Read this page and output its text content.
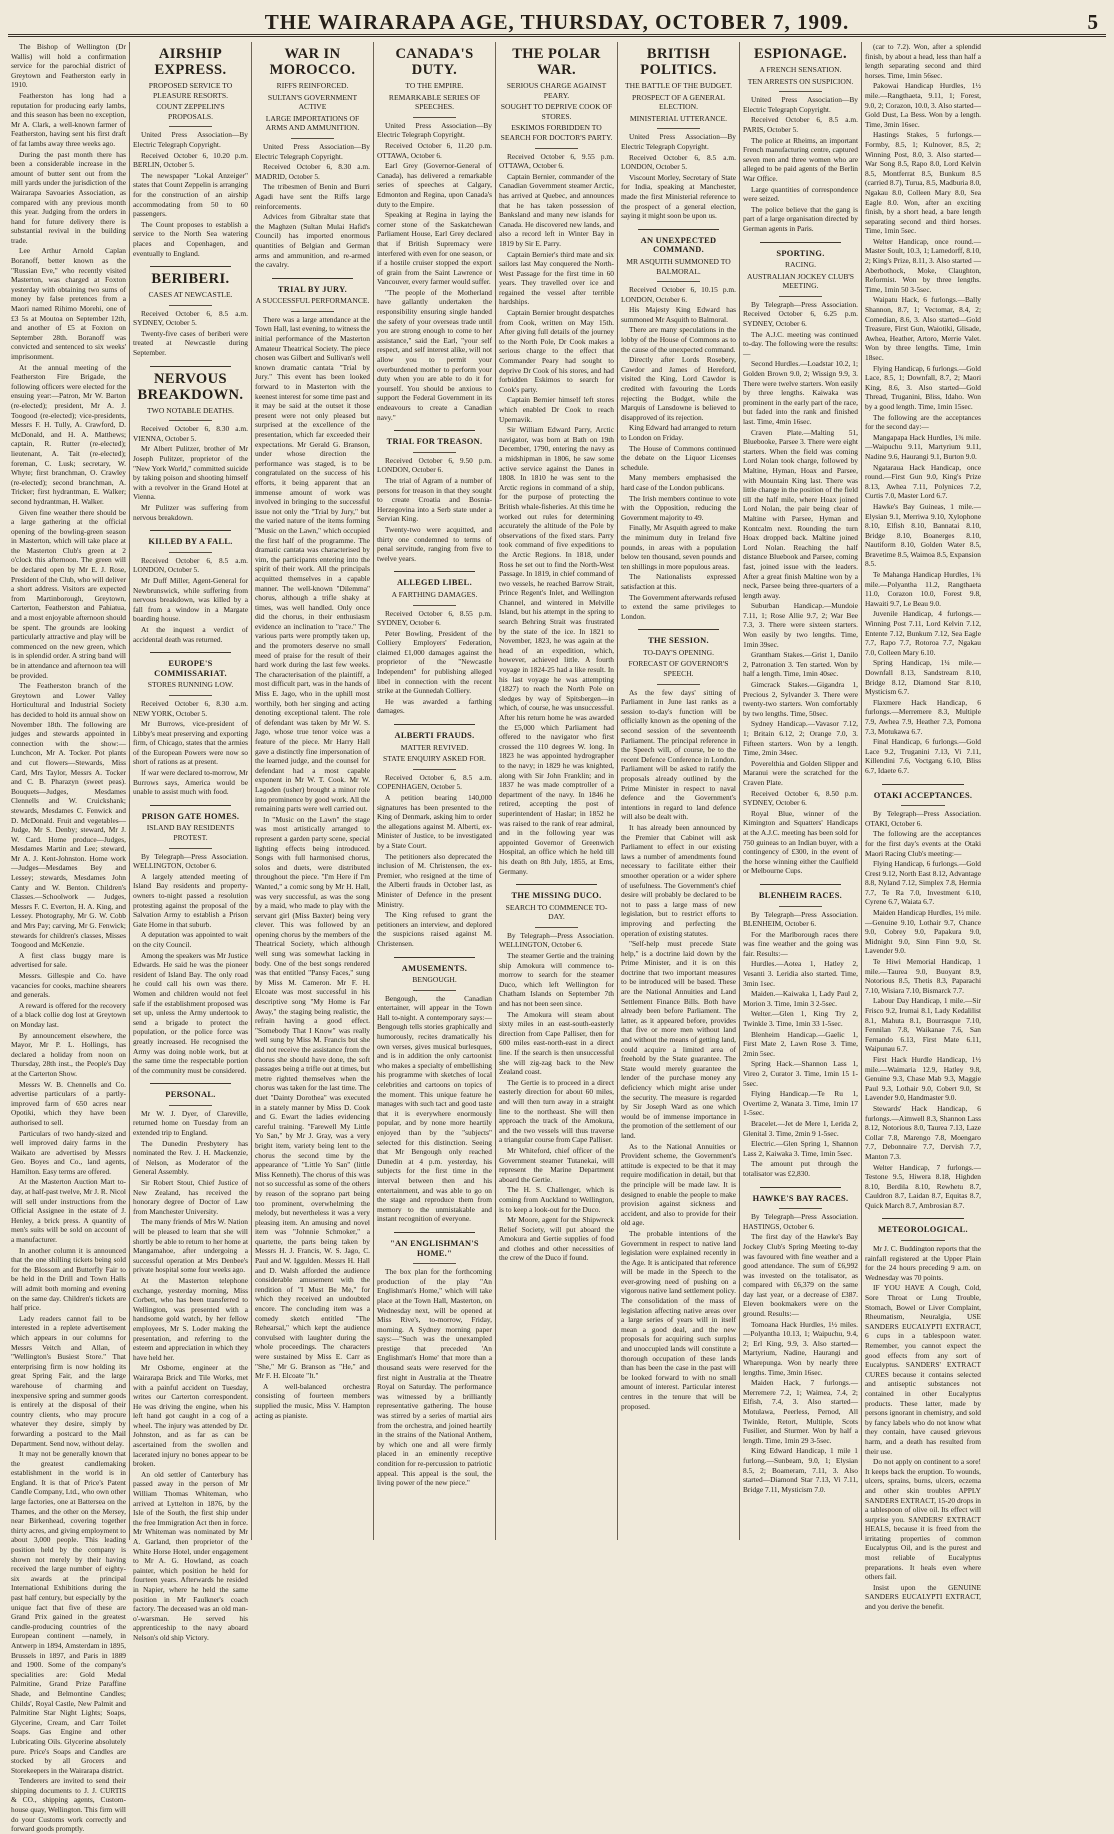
THE WAIRARAPA AGE, THURSDAY, OCTOBER 7, 1909.	5

The Bishop of Wellington (Dr Wallis) will hold a confirmation service for the parochial district of Greytown and Featherston early in 1910.

Featherston has long had a reputation for producing early lambs, and this season has been no exception, Mr A. Clark, a well-known farmer of Featherston, having sent his first draft of fat lambs away three weeks ago.

During the past month there has been a considerable increase in the amount of butter sent out from the mill yards under the jurisdiction of the Wairarapa Savoaries Association, as compared with any previous month this year. Judging from the orders in hand for future delivery there is substantial revival in the building trade.

Lee Arthur Arnold Caplan Boranoff, better known as the "Russian Eve," who recently visited Masterton, was charged at Foxton yesterday with obtaining two sums of money by false pretences from a Maori named Rihimo Morehi, one of £3 5s at Moutoa on September 12th, and another of £5 at Foxton on September 28th. Boranoff was convicted and sentenced to six weeks' imprisonment.

At the annual meeting of the Featherston Fire Brigade, the following officers were elected for the ensuing year:—Patron, Mr W. Barton (re-elected); president, Mr A. J. Toogood (re-elected); vice-presidents, Messrs F. H. Tully, A. Crawford, D. McDonald, and H. A. Matthews; captain, R. Rutter (re-elected); lieutenant, A. Tait (re-elected); foreman, C. Lusk; secretary, W. Whyte; first branchman, O. Crawley (re-elected); second branchman, A. Tricker; first hydrantman, E. Walker; second hydrantman, H. Walker.

Given fine weather there should be a large gathering at the official opening of the bowling-green season in Masterton, which will take place at the Masterton Club's green at 2 o'clock this afternoon. The green will be declared open by Mr E. J. Rose, President of the Club, who will deliver a short address. Visitors are expected from Martinborough, Greytown, Carterton, Featherston and Pahiatua, and a most enjoyable afternoon should be spent. The grounds are looking particularly attractive and play will be commenced on the new green, which is in splendid order. A string band will be in attendance and afternoon tea will be provided.

The Featherston branch of the Greytown and Lower Valley Horticultural and Industrial Society has decided to hold its annual show on November 18th. The following are judges and stewards appointed in connection with the show:—Lunchcon, Mr A. Tocker. Pot plants and cut flowers—Stewards, Miss Card, Mrs Taylor, Messrs A. Tocker and C. B. Pharazyn (sweet peas). Bouquets—Judges, Mesdames Clennells and W. Cruickshank; stewards, Mesdames C. Fenwick and D. McDonald. Fruit and vegetables—Judge, Mr S. Denby; steward, Mr J. W. Card. Home produce—Judges, Mesdames Martin and Lee; steward, Mr A. J. Kent-Johnston. Home work—Judges—Mesdames Bey and Lessey; stewards, Mesdames John Canty and W. Benton. Children's Classes.—Schoolwork — Judges, Messrs F. C. Everton, H. A. King, and Lessey. Photography, Mr G. W. Cobb and Mrs Pay; carving, Mr G. Fenwick; stewards for children's classes, Misses Toogood and McKenzie.

A first class buggy mare is advertised for sale.

Messrs. Gillespie and Co. have vacancies for cooks, machine shearers and generals.

A reward is offered for the recovery of a black collie dog lost at Greytown on Monday last.

By announcement elsewhere, the Mayor, Mr P. L. Hollings, has declared a holiday from noon on Thursday, 28th inst., the People's Day at the Carterton Show.

Messrs W. B. Chennells and Co. advertise particulars of a partly-improved farm of 650 acres near Opotiki, which they have been authorised to sell.

Particulars of two handy-sized and well improved dairy farms in the Waikato are advertised by Messrs Geo. Boyes and Co., land agents, Hamilton. Easy terms are offered.

At the Masterton Auction Mart to-day, at half-past twelve, Mr J. R. Nicol will sell under instructions from the Official Assignee in the estate of J. Henley, a brick press. A quantity of men's suits will be sold on account of a manufacturer.

In another column it is announced that the one shilling tickets being sold for the Blossom and Butterfly Fair to be held in the Drill and Town Halls will admit both morning and evening on the same day. Children's tickets are half price.

Lady readers cannot fail to be interested in a replete advertisement which appears in our columns for Messrs Veitch and Allan, of "Wellington's Busiest Store." That enterprising firm is now holding its great Spring Fair, and the large warehouse of charming and inexpensive spring and summer goods is entirely at the disposal of their country clients, who may procure whatever they desire, simply by forwarding a postcard to the Mail Department. Send now, without delay.

It may not be generally known that the greatest candlemaking establishment in the world is in England. It is that of Price's Patent Candle Company, Ltd., who own other large factories, one at Battersea on the Thames, and the other on the Mersey, near Birkenhead, covering together thirty acres, and giving employment to about 3,000 people. This leading position held by the company is shown not merely by their having received the large number of eighty-six awards at the principal International Exhibitions during the past half century, but especially by the unique fact that five of these are Grand Prix gained in the greatest candle-producing countries of the European continent —namely, in Antwerp in 1894, Amsterdam in 1895, Brussels in 1897, and Paris in 1889 and 1900. Some of the company's specialities are: Gold Medal Palmitine, Grand Prize Paraffine Shade, and Belmontine Candles; Childs', Royal Castle, New Palmit and Palmitine Star Night Lights; Soaps, Glycerine, Cream, and Carr Toilet Soaps. Gas Engine and other Lubricating Oils. Glycerine absolutely pure. Price's Soaps and Candles are stocked by all Grocers and Storekeepers in the Wairarapa district.

Tenderers are invited to send their shipping documents to J. J. CURTIS & CO., shipping agents, Custom-house quay, Wellington. This firm will do your Customs work correctly and forward goods promptly.

AIRSHIP EXPRESS.
PROPOSED SERVICE TO PLEASURE RESORTS.
COUNT ZEPPELIN'S PROPOSALS.

United Press Association—By Electric Telegraph Copyright.

Received October 6, 10.20 p.m. BERLIN, October 5.

The newspaper "Lokal Anzeiger" states that Count Zeppelin is arranging for the construction of an airship accommodating from 50 to 60 passengers.

The Count proposes to establish a service to the North Sea watering places and Copenhagen, and eventually to England.

BERIBERI.
CASES AT NEWCASTLE.

Received October 6, 8.5 a.m. SYDNEY, October 5.

Twenty-five cases of beriberi were treated at Newcastle during September.

NERVOUS BREAKDOWN.
TWO NOTABLE DEATHS.

Received October 6, 8.30 a.m. VIENNA, October 5.

Mr Albert Pulitzer, brother of Mr Joseph Pulitzer, proprietor of the "New York World," committed suicide by taking poison and shooting himself with a revolver in the Grand Hotel at Vienna.

Mr Pulitzer was suffering from nervous breakdown.

KILLED BY A FALL.

Received October 6, 8.5 a.m. LONDON, October 5.

Mr Duff Miller, Agent-General for Newbrunswick, while suffering from nervous breakdown, was killed by a fall from a window in a Margate boarding house.

At the inquest a verdict of accidental death was returned.

EUROPE'S COMMISSARIAT.
STORES RUNNING LOW.

Received October 6, 8.30 a.m. NEW YORK, October 5.

Mr Burrows, vice-president of Libby's meat preserving and exporting firm, of Chicago, states that the armies of the European Powers were now so short of rations as at present.

If war were declared to-morrow, Mr Burrows says, America would be unable to assist much with food.

PRISON GATE HOMES.
ISLAND BAY RESIDENTS PROTEST.

By Telegraph—Press Association. WELLINGTON, October 6.

A largely attended meeting of Island Bay residents and property-owners to-night passed a resolution protesting against the proposal of the Salvation Army to establish a Prison Gate Home in that suburb.

A deputation was appointed to wait on the city Council.

Among the speakers was Mr Justice Edwards. He said he was the pioneer resident of Island Bay. The only road he could call his own was there. Women and children would not feel safe if the establishment proposed was set up, unless the Army undertook to send a brigade to protect the population, or the police force was greatly increased. He recognised the Army was doing noble work, but at the same time the respectable portion of the community must be considered.

PERSONAL.

Mr W. J. Dyer, of Clareville, returned home on Tuesday from an extended trip to England.

The Dunedin Presbytery has nominated the Rev. J. H. Mackenzie, of Nelson, as Moderator of the General Assembly.

Sir Robert Stout, Chief Justice of New Zealand, has received the honorary degree of Doctor of Law from Manchester University.

The many friends of Mrs W. Nation will be pleased to learn that she will shortly be able to return to her home at Mangamahoe, after undergoing a successful operation at Mrs Denbee's private hospital some four weeks ago.

At the Masterton telephone exchange, yesterday morning, Miss Corbett, who has been transferred to Wellington, was presented with a handsome gold watch, by her fellow employees, Mr S. Loder making the presentation, and referring to the esteem and appreciation in which they have held her.

Mr Osborne, engineer at the Wairarapa Brick and Tile Works, met with a painful accident on Tuesday, writes our Carterton correspondent. He was driving the engine, when his left hand got caught in a cog of a wheel. The injury was attended by Dr. Johnston, and as far as can be ascertained from the swollen and lacerated injury no bones appear to be broken.

An old settler of Canterbury has passed away in the person of Mr William Thomas Whiteman, who arrived at Lyttelton in 1876, by the Isle of the South, the first ship under the free Immigration Act then in force. Mr Whiteman was nominated by Mr A. Garland, then proprietor of the White Horse Hotel, under engagement to Mr A. G. Howland, as coach painter, which position he held for fourteen years. Afterwards he resided in Napier, where he held the same position in Mr Faulkner's coach factory. The deceased was an old man-o'-warsman. He served his apprenticeship to the navy aboard Nelson's old ship Victory.

WAR IN MOROCCO.
RIFFS REINFORCED.
SULTAN'S GOVERNMENT ACTIVE
LARGE IMPORTATIONS OF ARMS AND AMMUNITION.

United Press Association—By Electric Telegraph Copyright.

Received October 6, 8.30 a.m. MADRID, October 5.

The tribesmen of Benin and Burri Agadi have sent the Riffs large reinforcements.

Advices from Gibraltar state that the Maghzen (Sultan Mulai Hafid's Council) has imported enormous quantities of Belgian and German arms and ammunition, and re-armed the cavalry.

TRIAL BY JURY.
A SUCCESSFUL PERFORMANCE.

There was a large attendance at the Town Hall, last evening, to witness the initial performance of the Masterton Amateur Theatrical Society. The piece chosen was Gilbert and Sullivan's well known dramatic cantata "Trial by Jury." This event has been looked forward to in Masterton with the keenest interest for some time past and it may be said at the outset it those present were not only pleased but surprised at the excellence of the presentation, which far exceeded their expectations. Mr Gerald G. Branson, under whose direction the performance was staged, is to be congratulated on the success of his efforts, it being apparent that an immense amount of work was involved in bringing to the successful issue not only the "Trial by Jury," but the varied nature of the items forming "Music on the Lawn," which occupied the first half of the programme. The dramatic cantata was characterised by vim, the participants entering into the spirit of their work. All the principals acquitted themselves in a capable manner. The well-known "Dilemma" chorus, although a trifle shaky at times, was well handled. Only once did the chorus, in their enthusiasm evidence an inclination to "race." The various parts were promptly taken up, and the promoters deserve no small meed of praise for the result of their hard work during the last few weeks. The characterisation of the plaintiff, a most difficult part, was in the hands of Miss E. Jago, who in the uphill most worthily, both her singing and acting denoting exceptional talent. The role of defendant was taken by Mr W. S. Jago, whose true tenor voice was a feature of the piece. Mr Harry Hall gave a distinctly fine impersonation of the learned judge, and the counsel for defendant had a most capable exponent in Mr W. T. Cook. Mr W. Lagoden (usher) brought a minor role into prominence by good work. All the remaining parts were well carried out.

In "Music on the Lawn" the stage was most artistically arranged to represent a garden party scene, special lighting effects being introduced. Songs with full harmonised chorus, solos and duets, were distributed throughout the piece. "I'm Here if I'm Wanted," a comic song by Mr H. Hall, was very successful, as was the song by a maid, who made to play with the servant girl (Miss Baxter) being very clever. This was followed by an opening chorus by the members of the Theatrical Society, which although well sung was somewhat lacking in body. One of the best songs rendered was that entitled "Pansy Faces," sung by Miss M. Cameron. Mr F. H. Elcoate was most successful in his descriptive song "My Home is Far Away," the staging being realistic, the refrain having a good effect. "Somebody That I Know" was really well sung by Miss M. Francis but she did not receive the assistance from the chorus she should have done, the soft passages being a trifle out at times, but metre righted themselves when the chorus was taken for the last time. The duet "Dainty Dorothea" was executed in a stately manner by Miss D. Cook and G. Ewart the ladies evidencing careful training. "Farewell My Little Yo San," by Mr J. Gray, was a very bright item, variety being lent to the chorus the second time by the appearance of "Little Yo San" (little Miss Kenneth). The chorus of this was not so successful as some of the others by reason of the soprano part being too prominent, overwhelming the melody, but nevertheless it was a very pleasing item. An amusing and novel item was "Johnnie Schmoker," a quartette, the parts being taken by Messrs H. J. Francis, W. S. Jago, C. Paul and W. Iggulden. Messrs H. Hall and D. Walsh afforded the audience considerable amusement with the rendition of "I Must Be Me," for which they received an undoubted encore. The concluding item was a comedy sketch entitled "The Rehearsal," which kept the audience convulsed with laughter during the whole proceedings. The characters were sustained by Miss E. Carr as "She," Mr G. Branson as "He," and Mr F. H. Elcoate "It."

A well-balanced orchestra consisting of fourteen members supplied the music, Miss V. Hampton acting as pianiste.

CANADA'S DUTY.
TO THE EMPIRE.
REMARKABLE SERIES OF SPEECHES.

United Press Association—By Electric Telegraph Copyright.

Received October 6, 11.20 p.m. OTTAWA, October 6.

Earl Grey (Governor-General of Canada), has delivered a remarkable series of speeches at Calgary, Edmonton and Regina, upon Canada's duty to the Empire.

Speaking at Regina in laying the corner stone of the Saskatchewan Parliament House, Earl Grey declared that if British Supremacy were interfered with even for one season, or if a hostile cruiser stopped the export of grain from the Saint Lawrence or Vancouver, every farmer would suffer.

"The people of the Motherland have gallantly undertaken the responsibility ensuring single handed the safety of your overseas trade until you are strong enough to come to her assistance," said the Earl, "your self respect, and self interest alike, will not allow you to permit your overburdened mother to perform your duty when you are able to do it for yourself. You should be anxious to support the Federal Government in its endeavours to create a Canadian navy."

TRIAL FOR TREASON.

Received October 6, 9.50 p.m. LONDON, October 6.

The trial of Agram of a number of persons for treason in that they sought to create Croatia and Bosnia-Herzegovina into a Serb state under a Servian King.

Twenty-two were acquitted, and thirty one condemned to terms of penal servitude, ranging from five to twelve years.

ALLEGED LIBEL.
A FARTHING DAMAGES.

Received October 6, 8.55 p.m. SYDNEY, October 6.

Peter Bowling, President of the Colliery Employers' Federation, claimed £1,000 damages against the proprietor of the "Newcastle Independent" for publishing alleged libel in connection with the recent strike at the Gunnedah Colliery.

He was awarded a farthing damages.

ALBERTI FRAUDS.
MATTER REVIVED.
STATE ENQUIRY ASKED FOR.

Received October 6, 8.5 a.m. COPENHAGEN, October 5.

A petition bearing 140,000 signatures has been presented to the King of Denmark, asking him to order the allegations against M. Alberti, ex-Minister of Justice, to be investigated by a State Court.

The petitioners also deprecated the inclusion of M. Christensen, the ex-Premier, who resigned at the time of the Alberti frauds in October last, as Minister of Defence in the present Ministry.

The King refused to grant the petitioners an interview, and deplored the suspicions raised against M. Christensen.

AMUSEMENTS.
BENGOUGH.

Bengough, the Canadian entertainer, will appear in the Town Hall to-night. A contemporary says:—Bengough tells stories graphically and humorously, recites dramatically his own verses, gives musical burlesques, and is in addition the only cartoonist who makes a specialty of embellishing his programme with sketches of local celebrities and cartoons on topics of the moment. This unique feature he manages with such tact and good taste that it is everywhere enormously popular, and by none more heartily enjoyed than by the "subjects" selected for this distinction. Seeing that Mr Bengough only reached Dunedin at 4 p.m. yesterday, his subjects for the first time in the interval between then and his entertainment, and was able to go on the stage and reproduce them from memory to the unmistakable and instant recognition of everyone.

"AN ENGLISHMAN'S HOME."

The box plan for the forthcoming production of the play "An Englishman's Home," which will take place at the Town Hall, Masterton, on Wednesday next, will be opened at Miss Rive's, to-morrow, Friday, morning. A Sydney morning paper says:—"Such was the unexampled prestige that preceded 'An Englishman's Home' that more than a thousand seats were reserved for the first night in Australia at the Theatre Royal on Saturday. The performance was witnessed by a brilliantly representative gathering. The house was stirred by a series of martial airs from the orchestra, and joined heartily in the strains of the National Anthem, by which one and all were firmly placed in an eminently receptive condition for re-percussion to patriotic appeal. This appeal is the soul, the living power of the new piece."

THE POLAR WAR.
SERIOUS CHARGE AGAINST PEARY.
SOUGHT TO DEPRIVE COOK OF STORES.
ESKIMOS FORBIDDEN TO SEARCH FOR DOCTOR'S PARTY.

Received October 6, 9.55 p.m. OTTAWA, October 6.

Captain Bernier, commander of the Canadian Government steamer Arctic, has arrived at Quebec, and announces that he has taken possession of Banksland and many new islands for Canada. He discovered new lands, and also a record left in Winter Bay in 1819 by Sir E. Parry.

Captain Bernier's third mate and six sailors last May conquered the North-West Passage for the first time in 60 years. They travelled over ice and regained the vessel after terrible hardships.

Captain Bernier brought despatches from Cook, written on May 15th. After giving full details of the journey to the North Pole, Dr Cook makes a serious charge to the effect that Commander Peary had sought to deprive Dr Cook of his stores, and had forbidden Eskimos to search for Cook's party.

Captain Bernier himself left stores which enabled Dr Cook to reach Upernavik.

Sir William Edward Parry, Arctic navigator, was born at Bath on 19th December, 1790, entering the navy as a midshipman in 1806, he saw some active service against the Danes in 1808. In 1810 he was sent to the Arctic regions in command of a ship, for the purpose of protecting the British whale-fisheries. At this time he worked out rules for determining accurately the altitude of the Pole by observations of the fixed stars. Parry took command of five expeditions to the Arctic Regions. In 1818, under Ross he set out to find the North-West Passage. In 1819, in chief command of two vessels, he reached Barrow Strait, Prince Regent's Inlet, and Wellington Channel, and wintered in Melville Island, but his attempt in the spring to search Behring Strait was frustrated by the state of the ice. In 1821 to November, 1823, he was again at the head of an expedition, which, however, achieved little. A fourth voyage in 1824-25 had a like result. In his last voyage he was attempting (1827) to reach the North Pole on sledges by way of Spitsbergen—in which, of course, he was unsuccessful. After his return home he was awarded the £5,000 which Parliament had offered to the navigator who first crossed the 110 degrees W. long. In 1823 he was appointed hydrographer to the navy; in 1829 he was knighted, along with Sir John Franklin; and in 1837 he was made comptroller of a department of the navy. In 1846 he retired, accepting the post of superintendent of Haslar; in 1852 he was raised to the rank of rear admiral, and in the following year was appointed Governor of Greenwich Hospital, an office which he held till his death on 8th July, 1855, at Ems, Germany.

THE MISSING DUCO.
SEARCH TO COMMENCE TO-DAY.

By Telegraph—Press Association. WELLINGTON, October 6.

The steamer Gertie and the training ship Amokura will commence to-morrow to search for the steamer Duco, which left Wellington for Chatham Islands on September 7th and has not been seen since.

The Amokura will steam about sixty miles in an east-south-easterly direction from Cape Palliser, then for 600 miles east-north-east in a direct line. If the search is then unsuccessful she will zig-zag back to the New Zealand coast.

The Gertie is to proceed in a direct easterly direction for about 60 miles, and will then turn away in a straight line to the northeast. She will then approach the track of the Amokura, and the two vessels will thus traverse a triangular course from Cape Palliser.

Mr Whiteford, chief officer of the Government steamer Tutanekai, will represent the Marine Department aboard the Gertie.

The H. S. Challenger, which is coming from Auckland to Wellington, is to keep a look-out for the Duco.

Mr Moore, agent for the Shipwreck Relief Society, will put aboard the Amokura and Gertie supplies of food and clothes and other necessities of the crew of the Duco if found.

BRITISH POLITICS.
THE BATTLE OF THE BUDGET.
PROSPECT OF A GENERAL ELECTION.
MINISTERIAL UTTERANCE.

United Press Association—By Electric Telegraph Copyright.

Received October 6, 8.5 a.m. LONDON, October 5.

Viscount Morley, Secretary of State for India, speaking at Manchester, made the first Ministerial reference to the prospect of a general election, saying it might soon be upon us.

AN UNEXPECTED COMMAND.
MR ASQUITH SUMMONED TO BALMORAL.

Received October 6, 10.15 p.m. LONDON, October 6.

His Majesty King Edward has summoned Mr Asquith to Balmoral.

There are many speculations in the lobby of the House of Commons as to the cause of the unexpected command.

Directly after Lords Rosebery, Cawdor and James of Hereford, visited the King, Lord Cawdor is credited with favouring the Lords rejecting the Budget, while the Marquis of Lansdowne is believed to disapproved of its rejection.

King Edward had arranged to return to London on Friday.

The House of Commons continued the debate on the Liquor Licenses schedule.

Many members emphasised the hard case of the London publicans.

The Irish members continue to vote with the Opposition, reducing the Government majority to 49.

Finally, Mr Asquith agreed to make the minimum duty in Ireland five pounds, in areas with a population below ten thousand, seven pounds and ten shillings in more populous areas.

The Nationalists expressed satisfaction at this.

The Government afterwards refused to extend the same privileges to London.

THE SESSION.
TO-DAY'S OPENING.
FORECAST OF GOVERNOR'S SPEECH.

As the few days' sitting of Parliament in June last ranks as a session to-day's function will be officially known as the opening of the second session of the seventeenth Parliament. The principal reference in the Speech will, of course, be to the recent Defence Conference in London. Parliament will be asked to ratify the proposals already outlined by the Prime Minister in respect to naval defence and the Government's intentions in regard to land defence will also be dealt with.

It has already been announced by the Premier that Cabinet will ask Parliament to effect in our existing laws a number of amendments found necessary to facilitate either their smoother operation or a wider sphere of usefulness. The Government's chief desire will probably be declared to be not to pass a large mass of new legislation, but to restrict efforts to improving and perfecting the operation of existing statutes.

"Self-help must precede State help," is a doctrine laid down by the Prime Minister, and it is on this doctrine that two important measures to be introduced will be based. These are the National Annuities and Land Settlement Finance Bills. Both have already been before Parliament. The latter, as it appeared before, provides that five or more men without land and without the means of getting land, could acquire a limited area of freehold by the State guarantee. The State would merely guarantee the lender of the purchase money any deficiency which might arise under the security. The measure is regarded by Sir Joseph Ward as one which would be of immense importance in the promotion of the settlement of our land.

As to the National Annuities or Provident scheme, the Government's attitude is expected to be that it may require modification in detail, but that the principle will be made law. It is designed to enable the people to make provision against sickness and accident, and also to provide for their old age.

The probable intentions of the Government in respect to native land legislation were explained recently in the Age. It is anticipated that reference will be made in the Speech to the ever-growing need of pushing on a vigorous native land settlement policy. The consolidation of the mass of legislation affecting native areas over a large series of years will in itself mean a good deal, and the new proposals for acquiring such surplus and unoccupied lands will constitute a thorough occupation of these lands than has been the case in the past will be looked forward to with no small amount of interest. Particular interest centres in the tenure that will be proposed.

ESPIONAGE.
A FRENCH SENSATION.
TEN ARRESTS ON SUSPICION.

United Press Association—By Electric Telegraph Copyright.

Received October 6, 8.5 a.m. PARIS, October 5.

The police at Rheims, an important French manufacturing centre, captured seven men and three women who are alleged to be paid agents of the Berlin War Office.

Large quantities of correspondence were seized.

The police believe that the gang is part of a large organisation directed by German agents in Paris.

SPORTING.
RACING.
AUSTRALIAN JOCKEY CLUB'S MEETING.

By Telegraph—Press Association. Received October 6, 6.25 p.m. SYDNEY, October 6.

The A.J.C. meeting was continued to-day. The following were the results:—

Second Hurdles.—Loadstar 10.2, 1; Golden Brown 9.0, 2; Wissign 9.9, 3. There were twelve starters. Won easily by three lengths. Kaiwaka was prominent in the early part of the race, but faded into the rank and finished last. Time, 4min 16sec.

Craven Plate.—Malting 51, Bluebooke, Parsee 3. There were eight starters. When the field was coming Lord Nolan took charge, followed by Maltine, Hyman, Hoax and Parsee, with Mountain King last. There was little change in the position of the field till the half mile, where Hoax joined Lord Nolan, the pair being clear of Maltine with Parsee, Hyman and Kontcalm next. Rounding the turn Hoax dropped back. Maltine joined Lord Nolan. Reaching the half distance Bluebook and Parsee, coming fast, joined issue with the leaders. After a great finish Maltine won by a neck, Parsee being three-quarters of a length away.

Suburban Handicap.—Mundoie 7.11, 1; Rose Allie 9.7, 2; War Bee 7.3, 3. There were sixteen starters. Won easily by two lengths. Time, 1min 39sec.

Grantham Stakes.—Grist 1, Danilo 2, Patronation 3. Ten started. Won by half a length. Time, 1min 40sec.

Gimcrack Stakes.—Gigandra 1, Precious 2, Sylvander 3. There were twenty-two starters. Won comfortably by two lengths. Time, 50sec.

Sydney Handicap.—Vavasor 7.12, 1; Britain 6.12, 2; Orange 7.0, 3. Fifteen starters. Won by a length. Time, 2min 34sec.

Poverelthia and Golden Slipper and Maranui were the scratched for the Craven Plate.

Received October 6, 8.50 p.m. SYDNEY, October 6.

Royal Blue, winner of the Kimington and Squatters' Handicaps at the A.J.C. meeting has been sold for 750 guineas to an Indian buyer, with a contingency of £300, in the event of the horse winning either the Caulfield or Melbourne Cups.

BLENHEIM RACES.

By Telegraph—Press Association. BLENHEIM, October 6.

For the Marlborough races there was fine weather and the going was fair. Results:—

Hurdles.—Aotea 1, Hatley 2, Vesanti 3. Leridia also started. Time, 3min 1sec.

Maiden.—Kaiwaka 1, Lady Paul 2, Morion 3. Time, 1min 3 2-5sec.

Welter.—Glen 1, King Try 2, Twinkle 3. Time, 1min 33 1-5sec.

Blenheim Handicap.—Gaelic 1, First Mate 2, Lawn Rose 3. Time, 2min 5sec.

Spring Hack.—Shannon Lass 1, Vireo 2, Curator 3. Time, 1min 15 1-5sec.

Flying Handicap.—Te Ru 1, Overtime 2, Wanata 3. Time, 1min 17 1-5sec.

Bracelet.—Jet de Mere 1, Lerida 2, Glenital 3. Time, 2min 9 1-5sec.

Electric.—Glen Spring 1, Shannon Lass 2, Kaiwaka 3. Time, 1min 5sec.

The amount put through the totalisator was £2,830.

HAWKE'S BAY RACES.

By Telegraph—Press Association. HASTINGS, October 6.

The first day of the Hawke's Bay Jockey Club's Spring Meeting to-day was favoured with fine weather and a good attendance. The sum of £6,992 was invested on the totalisator, as compared with £6,379 on the same day last year, or a decrease of £387. Eleven bookmakers were on the ground. Results:—

Tomoana Hack Hurdles, 1½ miles.—Polyantha 10.13, 1; Waipuchu, 9.4, 2; Erl King, 9.9, 3. Also started—Martyrium, Nadine, Haurangi and Wharepunga. Won by nearly three lengths. Time, 3min 16sec.

Maiden Hack, 7 furlongs.—Merremere 7.2, 1; Waimea, 7.4, 2; Elfish, 7.4, 3. Also started—Motulawa, Peerless, Pernod, All Twinkle, Retort, Multiple, Scots Fusilier, and Sturmer. Won by half a length. Time, 1min 29 3-5sec.

King Edward Handicap, 1 mile 1 furlong.—Sunbeam, 9.0, 1; Elysian 8.5, 2; Boameram, 7.11, 3. Also started—Diamond Star 7.13, Vi 7.11, Bridge 7.11, Mysticism 7.0.

(car to 7.2). Won, after a splendid finish, by about a head, less than half a length separating second and third horses. Time, 1min 56sec.

Pakowai Handicap Hurdles, 1½ mile.—Rangthaeta, 9.11, 1; Forest, 9.0, 2; Corazon, 10.0, 3. Also started—Gold Dust, La Bess. Won by a length. Time, 3min 16sec.

Hastings Stakes, 5 furlongs.—Formby, 8.5, 1; Kulnover, 8.5, 2; Winning Post, 8.0, 3. Also started—War Song 8.5, Rapo 8.0, Lord Kelvin 8.5, Montferrat 8.5, Bunkum 8.5 (carried 8.7), Turua, 8.5, Madburia 8.0, Ngakau 8.0, Colleen Mary 8.0, Sea Eagle 8.0. Won, after an exciting finish, by a short head, a bare length separating second and third horses. Time, 1min 5sec.

Welter Handicap, once round.—Master Soult, 10.3, 1; Lamedorff, 8.10, 2; King's Prize, 8.11, 3. Also started — Aberbothock, Moke, Claughton, Reformist. Won by three lengths. Time, 1min 50 3-5sec.

Waipatu Hack, 6 furlongs.—Bally Shannon, 8.7, 1; Vectomar, 8.4, 2; Comedian, 8.6, 3. Also started—Gold Treasure, First Gun, Waiotiki, Glisade, Awhea, Heather, Artoro, Merrie Valet. Won by three lengths. Time, 1min 18sec.

Flying Handicap, 6 furlongs.—Gold Lace, 8.5, 1; Downfall, 8.7, 2; Maori King, 8.6, 3. Also started—Gold Thread, Truganini, Bliss, Idaho. Won by a good length. Time, 1min 15sec.

The following are the acceptances for the second day:—

Mangapapa Hack Hurdles, 1¾ mile.—Waipuchu 9.11, Martyrium 9.11, Nadine 9.6, Haurangi 9.1, Burton 9.0.

Ngataraua Hack Handicap, once round.—First Gun 9.0, King's Prize 8.13, Awhea 7.11, Polynices 7.2, Curtis 7.0, Master Lord 6.7.

Hawke's Bay Guineas, 1 mile.—Elysian 9.1, Merriwa 9.10, Xylophone 8.10, Elfish 8.10, Bannatai 8.10, Bridge 8.10, Boanerges 8.10, Nautiform 8.10, Golden Water 8.5, Bravetime 8.5, Waimoa 8.5, Expansion 8.5.

Te Mahanga Handicap Hurdles, 1¾ mile.—Polyantha 11.2, Rangthaeta 11.0, Corazon 10.0, Forest 9.8, Hawaiti 9.7, Le Beau 9.0.

Juvenile Handicap, 4 furlongs.—Winning Post 7.11, Lord Kelvin 7.12, Entente 7.12, Bunkum 7.12, Sea Eagle 7.7, Rapo 7.7, Rotoroa 7.7, Ngakau 7.0, Colleen Mary 6.10.

Spring Handicap, 1¼ mile.—Downfall 8.13, Sandstream 8.10, Bridge 8.12, Diamond Star 8.10, Mysticism 6.7.

Flaxmere Hack Handicap, 6 furlongs.—Merremere 8.3, Multiple 7.9, Awhea 7.9, Heather 7.3, Pomona 7.3, Motukawa 6.7.

Final Handicap, 6 furlongs.—Gold Lace 9.2, Truganini 7.13, Vi 7.11, Killendini 7.6, Voctgang 6.10, Bliss 6.7, Idaete 6.7.

OTAKI ACCEPTANCES.

By Telegraph—Press Association. OTAKI, October 6.

The following are the acceptances for the first day's events at the Otaki Maori Racing Club's meeting:—

Flying Handicap, 6 furlongs.—Gold Crest 9.12, North East 8.12, Advantage 8.8, Nyland 7.12, Simplex 7.8, Hermia 7.7, Te Ra 7.0, Investment 6.10, Cyrene 6.7, Waiata 6.7.

Maiden Handicap Hurdles, 1½ mile.—Genuine 9.10, Lothair 9.7, Chance 9.0, Cobrey 9.0, Papakura 9.0, Midnight 9.0, Sinn Finn 9.0, St. Lavender 9.0.

Te Hiwi Memorial Handicap, 1 mile.—Taurea 9.0, Buoyant 8.9, Notorious 8.5, Thetis 8.3, Paparachi 7.10, Wisiara 7.10, Bismarck 7.7.

Labour Day Handicap, 1 mile.—Sir Frisco 9.2, Irumai 8.1, Lady Kedalilist 8.1, Mahuta 8.1, Bourrasque 7.10, Fennilan 7.8, Waikanae 7.6, San Fernando 6.13, First Mate 6.11, Waipunau 6.7.

First Hack Hurdle Handicap, 1½ mile.—Waimaria 12.9, Hatley 9.8, Genuine 9.3, Chase Mab 9.3, Maggie Paul 9.3, Lothair 9.0, Cobert 9.0, St Lavender 9.0, Handmaster 9.0.

Stewards' Hack Handicap, 6 furlongs.—Aimwell 8.3, Shannon Lass 8.12, Notorious 8.0, Taurea 7.13, Laze Collar 7.8, Marengo 7.8, Moengaro 7.7, Debonnaire 7.7, Dervish 7.7, Manton 7.3.

Welter Handicap, 7 furlongs.—Testone 9.5, Hiwera 8.18, Highden 8.10, Berdila 8.10, Rewhetu 8.7, Cauldron 8.7, Laidan 8.7, Equitas 8.7, Quick March 8.7, Ambrosian 8.7.

METEOROLOGICAL.

Mr J. C. Buddington reports that the rainfall registered at the Upper Plain for the 24 hours preceding 9 a.m. on Wednesday was 70 points.

IF YOU HAVE A Cough, Cold, Sore Throat or Lung Trouble, Stomach, Bowel or Liver Complaint, Rheumatism, Neuralgia, USE SANDERS EUCALYPTI EXTRACT, 6 cups in a tablespoon water. Remember, you cannot expect the good effects from any sort of Eucalyptus. SANDERS' EXTRACT CURES because it contains selected and antiseptic substances not contained in other Eucalyptus products. These latter, made by persons ignorant in chemistry, and sold by fancy labels who do not know what they contain, have caused grievous harm, and a death has resulted from their use.

Do not apply on continent to a sore! It keeps back the eruption. To wounds, ulcers, sprains, burns, ulcers, eczema and other skin troubles APPLY SANDERS EXTRACT, 15-20 drops in a tablespoon of olive oil. Its effect will surprise you. SANDERS' EXTRACT HEALS, because it is freed from the irritating properties of common Eucalyptus Oil, and is the purest and most reliable of Eucalyptus preparations. It heals even where others fail.

Insist upon the GENUINE SANDERS EUCALYPTI EXTRACT, and you derive the benefit.
